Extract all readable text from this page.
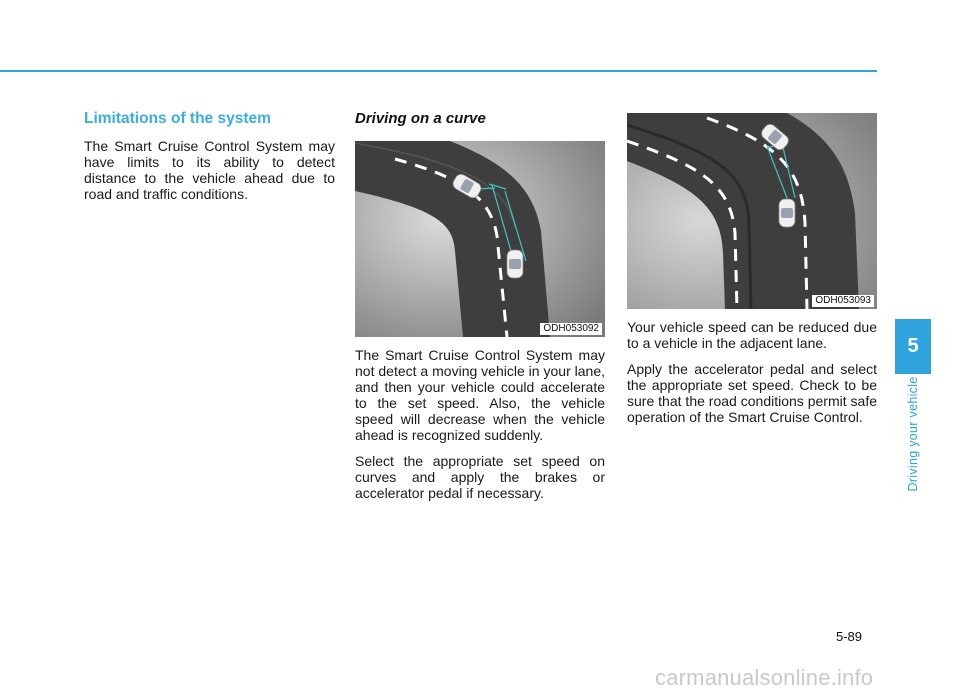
Limitations of the system

The Smart Cruise Control System may have limits to its ability to detect distance to the vehicle ahead due to road and traffic conditions.

Driving on a curve
ODH053092

The Smart Cruise Control System may not detect a moving vehicle in your lane, and then your vehicle could accelerate to the set speed. Also, the vehicle speed will decrease when the vehicle ahead is recognized suddenly.

Select the appropriate set speed on curves and apply the brakes or accelerator pedal if necessary.

ODH053093

Your vehicle speed can be reduced due to a vehicle in the adjacent lane.

Apply the accelerator pedal and select the appropriate set speed. Check to be sure that the road conditions permit safe operation of the Smart Cruise Control.

5
Driving your vehicle
5-89
carmanualsonline.info
